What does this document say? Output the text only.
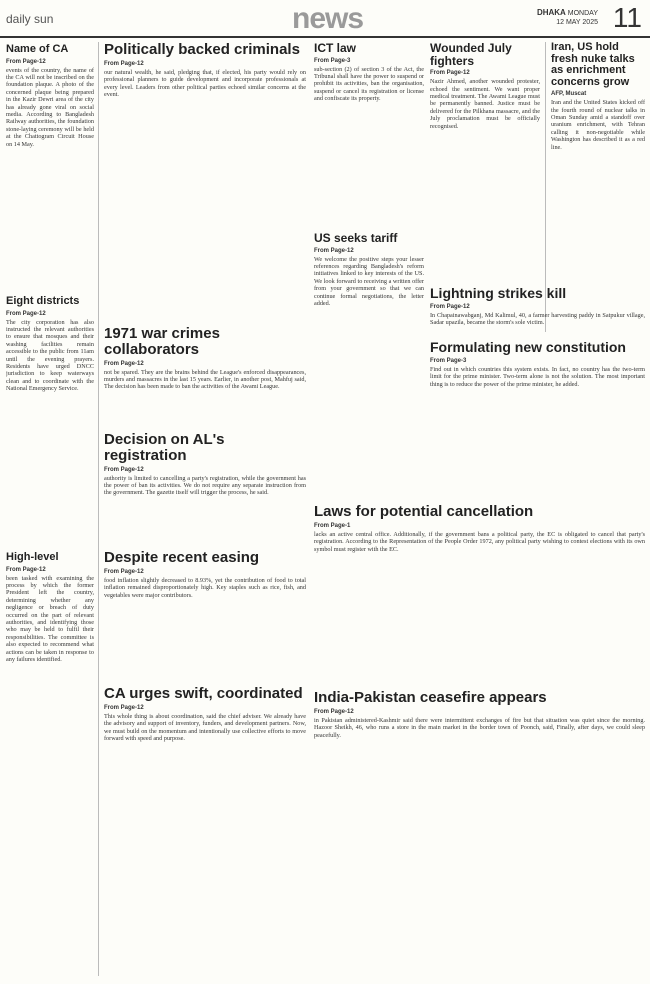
daily sun	news	DHAKA MONDAY
12 MAY 2025 11
Name of CA
From Page-12
events of the country, the name of the CA will not be inscribed on the foundation plaque. A photo of the concerned plaque being prepared in the Kazir Dewri area of the city has already gone viral on social media. According to Bangladesh Railway authorities, the foundation stone-laying ceremony will be held at the Chattogram Circuit House on 14 May.
Eight districts
From Page-12
The city corporation has also instructed the relevant authorities to ensure that mosques and their washing facilities remain accessible to the public from 11am until the evening prayers. Residents have urged DNCC jurisdiction to keep waterways clean and to coordinate with the National Emergency Service.
High-level
From Page-12
been tasked with examining the process by which the former President left the country, determining whether any negligence or breach of duty occurred on the part of relevant authorities, and identifying those who may be held to fulfil their responsibilities. The committee is also expected to recommend what actions can be taken in response to any failures identified.
Politically backed criminals
From Page-12
our natural wealth, he said, pledging that, if elected, his party would rely on professional planners to guide development and incorporate professionals at every level. Leaders from other political parties echoed similar concerns at the event.
1971 war crimes collaborators
From Page-12
not be spared. They are the brains behind the League's enforced disappearances, murders and massacres in the last 15 years. Earlier, in another post, Mahfuj said, The decision has been made to ban the activities of the Awami League.
Decision on AL's registration
From Page-12
authority is limited to cancelling a party's registration, while the government has the power of ban its activities. We do not require any separate instruction from the government. The gazette itself will trigger the process, he said.
Despite recent easing
From Page-12
food inflation slightly decreased to 8.93%, yet the contribution of food to total inflation remained disproportionately high. Key staples such as rice, fish, and vegetables were major contributors.
CA urges swift, coordinated
From Page-12
This whole thing is about coordination, said the chief adviser. We already have the advisory and support of inventory, funders, and development partners. Now, we must build on the momentum and intentionally use collective efforts to move forward with speed and purpose.
ICT law
From Page-3
sub-section (2) of section 3 of the Act, the Tribunal shall have the power to suspend or prohibit its activities, ban the organisation, suspend or cancel its registration or license and confiscate its property.
US seeks tariff
From Page-12
We welcome the positive steps your lesser references regarding Bangladesh's reform initiatives linked to key interests of the US. We look forward to receiving a written offer from your government so that we can continue formal negotiations, the letter added.
Wounded July fighters
From Page-12
Nazir Ahmed, another wounded protester, echoed the sentiment. We want proper medical treatment. The Awami League must be permanently banned. Justice must be delivered for the Pilkhana massacre, and the July proclamation must be officially recognised.
Iran, US hold fresh nuke talks as enrichment concerns grow
AFP, Muscat
Iran and the United States kicked off the fourth round of nuclear talks in Oman Sunday amid a standoff over uranium enrichment, with Tehran calling it non-negotiable while Washington has described it as a red line.
Lightning strikes kill
From Page-12
In Chapainawabganj, Md Kalimul, 40, a farmer harvesting paddy in Satpukur village, Sadar upazila, became the storm's sole victim.
Formulating new constitution
From Page-3
Find out in which countries this system exists. In fact, no country has the two-term limit for the prime minister. Two-term alone is not the solution. The most important thing is to reduce the power of the prime minister, he added.
Laws for potential cancellation
From Page-1
lacks an active central office. Additionally, if the government bans a political party, the EC is obligated to cancel that party's registration. According to the Representation of the People Order 1972, any political party wishing to contest elections with its own symbol must register with the EC.
India-Pakistan ceasefire appears
From Page-12
in Pakistan administered-Kashmir said there were intermittent exchanges of fire but that situation was quiet since the morning. Hazoor Sheikh, 46, who runs a store in the main market in the border town of Poonch, said, Finally, after days, we could sleep peacefully.
